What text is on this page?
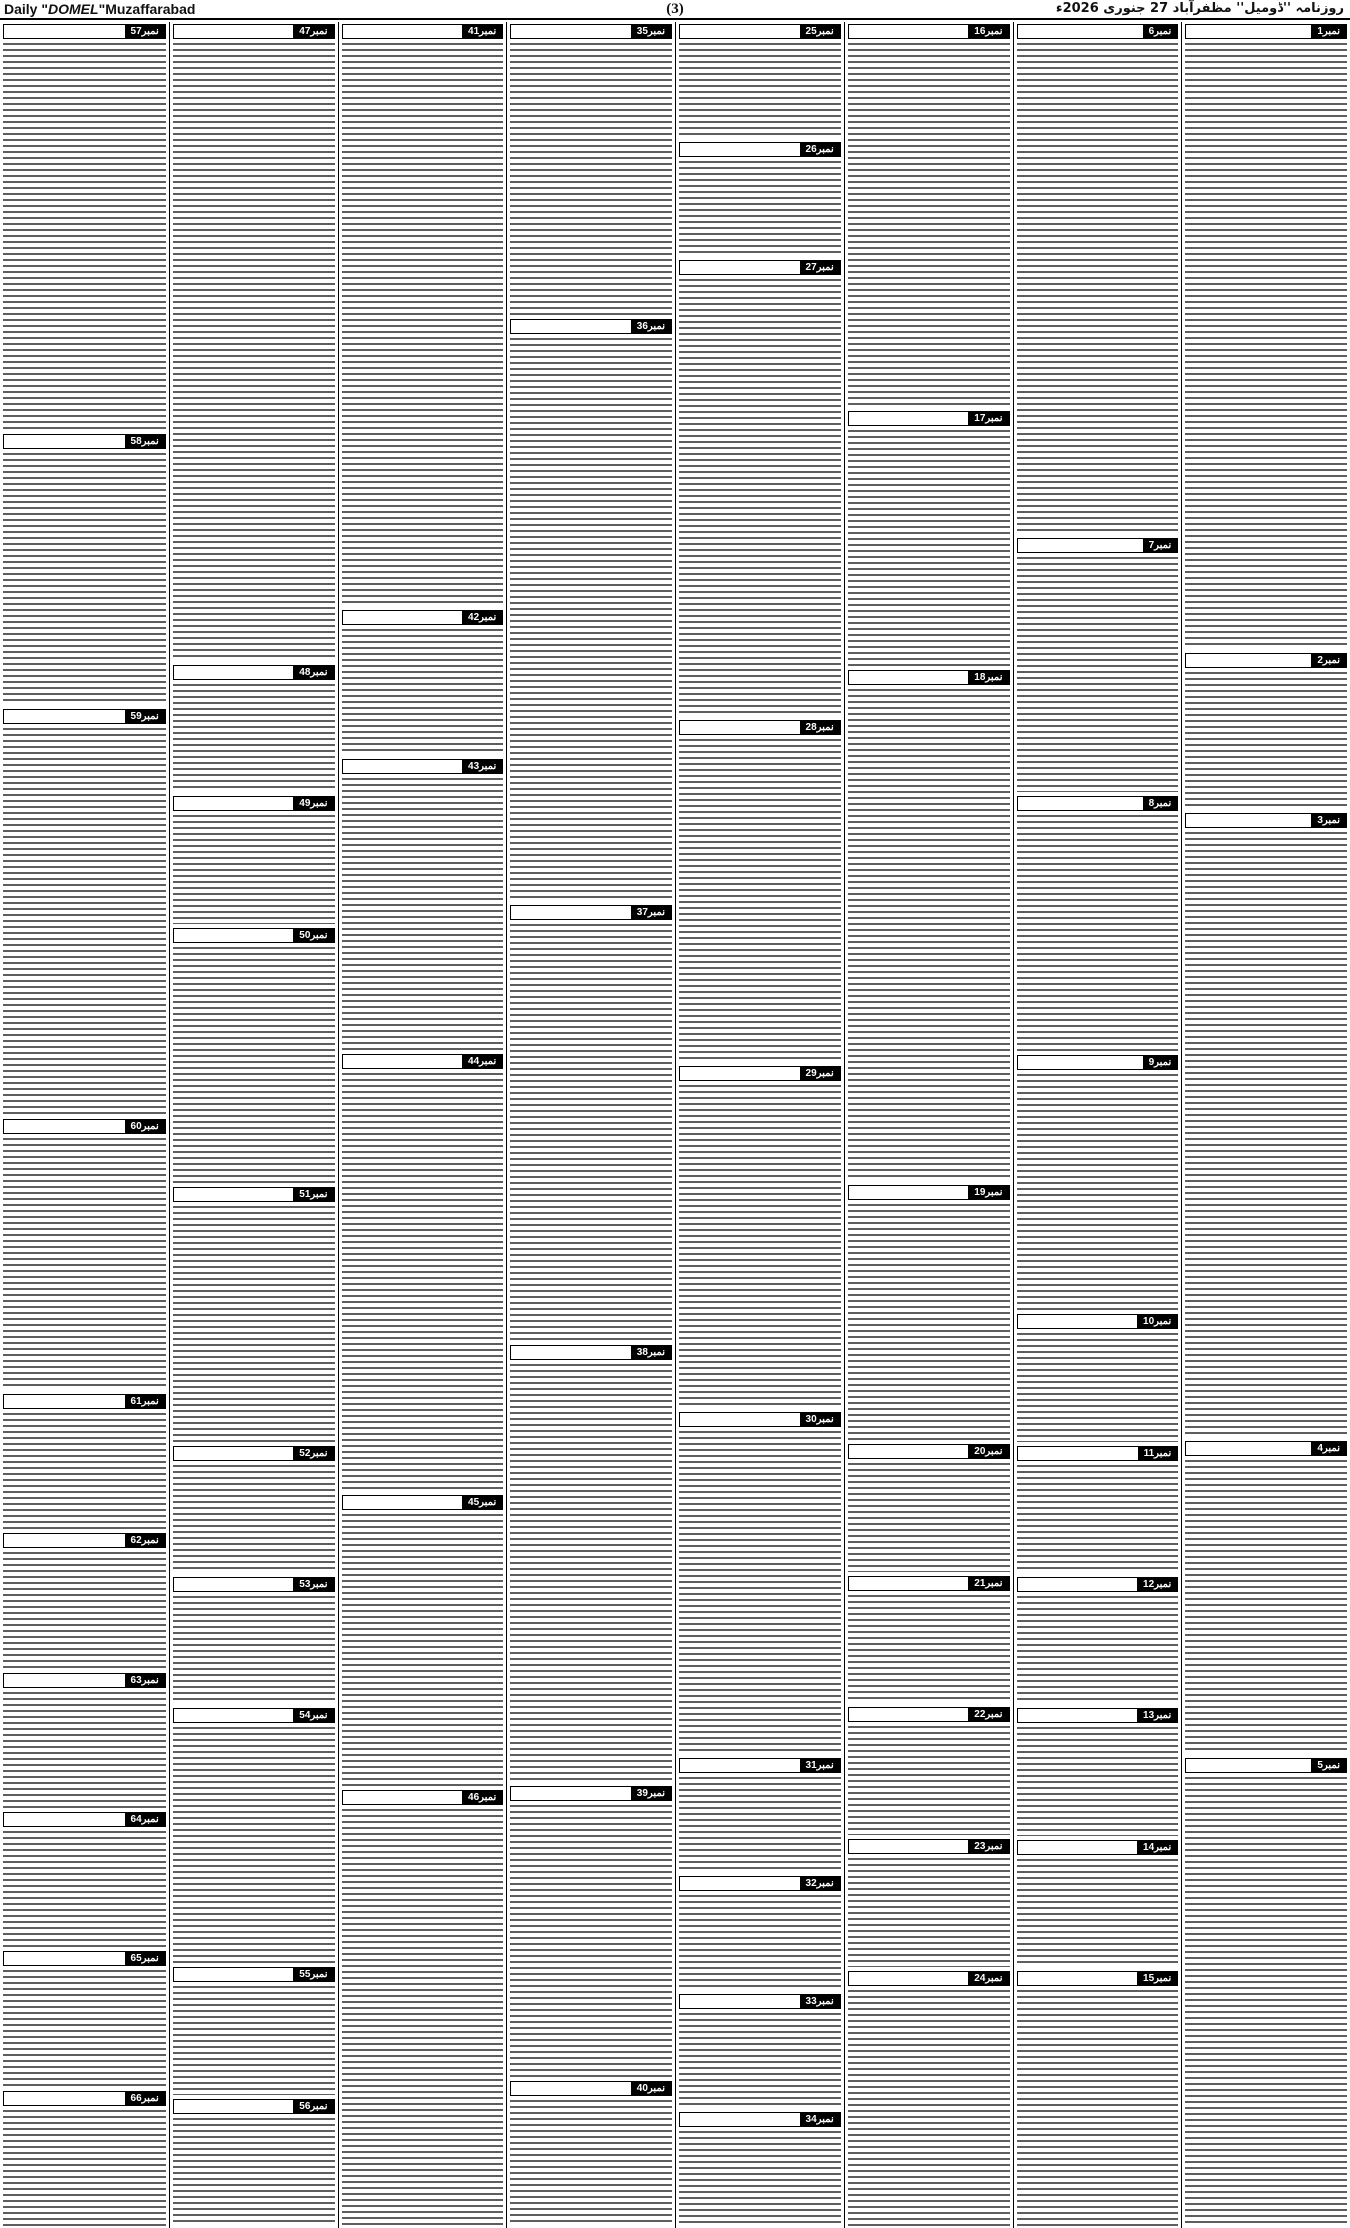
Daily "DOMEL"Muzaffarabad	(3)	روزنامہ ''ڈومیل'' مظفرآباد 27 جنوری 2026ء
نمبر1
نمبر2
نمبر3
نمبر4
نمبر5
نمبر6
نمبر7
نمبر8
نمبر9
نمبر10
نمبر11
نمبر12
نمبر13
نمبر14
نمبر15
نمبر16
نمبر17
نمبر18
نمبر19
نمبر20
نمبر21
نمبر22
نمبر23
نمبر24
نمبر25
نمبر26
نمبر27
نمبر28
نمبر29
نمبر30
نمبر31
نمبر32
نمبر33
نمبر34
نمبر35
نمبر36
نمبر37
نمبر38
نمبر39
نمبر40
نمبر41
نمبر42
نمبر43
نمبر44
نمبر45
نمبر46
نمبر47
نمبر48
نمبر49
نمبر50
نمبر51
نمبر52
نمبر53
نمبر54
نمبر55
نمبر56
نمبر57
نمبر58
نمبر59
نمبر60
نمبر61
نمبر62
نمبر63
نمبر64
نمبر65
نمبر66
